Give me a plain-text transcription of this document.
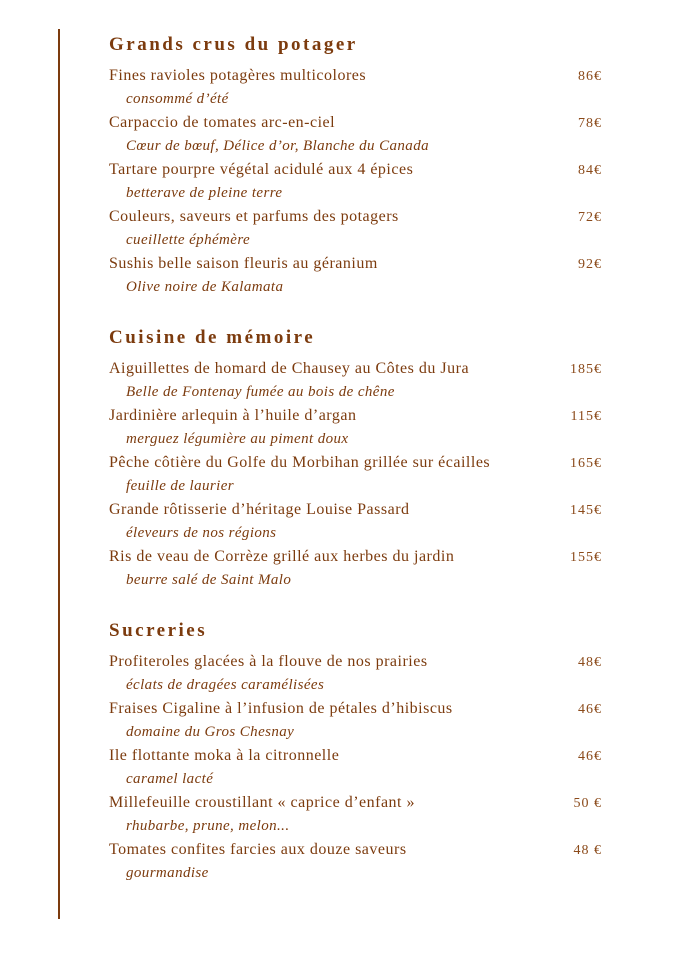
Grands crus du potager
Fines ravioles potagères multicolores	86€
consommé d’été
Carpaccio de tomates arc-en-ciel	78€
Cœur de bœuf, Délice d’or, Blanche du Canada
Tartare pourpre végétal acidulé aux 4 épices	84€
betterave de pleine terre
Couleurs, saveurs et parfums des potagers	72€
cueillette éphémère
Sushis belle saison fleuris au géranium	92€
Olive noire de Kalamata
Cuisine de mémoire
Aiguillettes de homard de Chausey au Côtes du Jura	185€
Belle de Fontenay fumée au bois de chêne
Jardinière arlequin à l’huile d’argan	115€
merguez légumière au piment doux
Pêche côtière du Golfe du Morbihan grillée sur écailles	165€
feuille de laurier
Grande rôtisserie d’héritage Louise Passard	145€
éleveurs de nos régions
Ris de veau de Corrèze grillé aux herbes du jardin	155€
beurre salé de Saint Malo
Sucreries
Profiteroles glacées à la flouve de nos prairies	48€
éclats de dragées caramélisées
Fraises Cigaline à l’infusion de pétales d’hibiscus	46€
domaine du Gros Chesnay
Ile flottante moka à la citronnelle	46€
caramel lacté
Millefeuille croustillant « caprice d’enfant »	50 €
rhubarbe, prune, melon...
Tomates confites farcies aux douze saveurs	48 €
gourmandise
